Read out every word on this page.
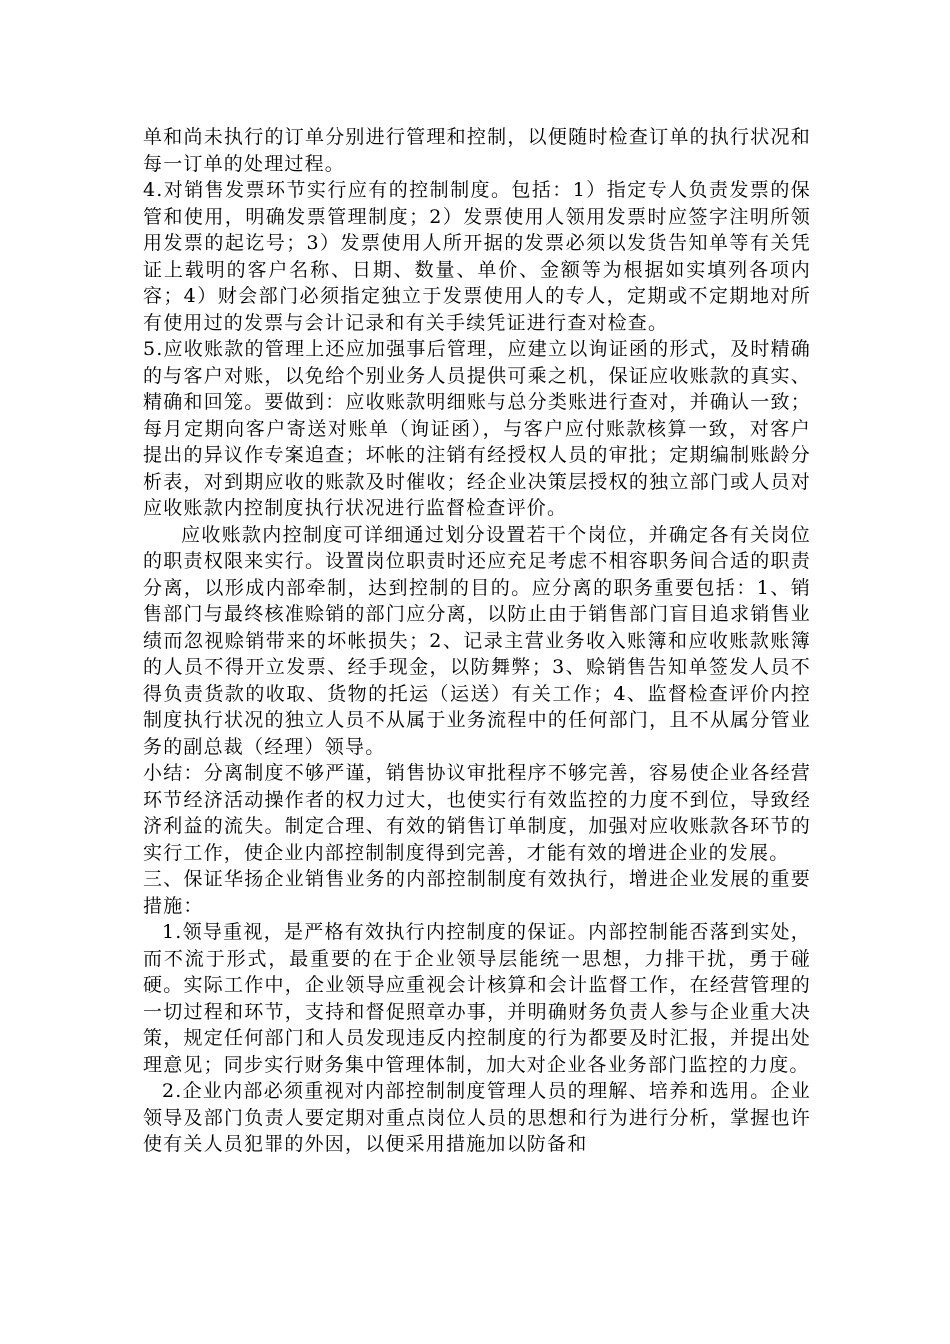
单和尚未执行的订单分别进行管理和控制，以便随时检查订单的执行状况和每一订单的处理过程。

4.对销售发票环节实行应有的控制制度。包括：1）指定专人负责发票的保管和使用，明确发票管理制度；2）发票使用人领用发票时应签字注明所领用发票的起讫号；3）发票使用人所开据的发票必须以发货告知单等有关凭证上载明的客户名称、日期、数量、单价、金额等为根据如实填列各项内容；4）财会部门必须指定独立于发票使用人的专人，定期或不定期地对所有使用过的发票与会计记录和有关手续凭证进行查对检查。

5.应收账款的管理上还应加强事后管理，应建立以询证函的形式，及时精确的与客户对账，以免给个别业务人员提供可乘之机，保证应收账款的真实、精确和回笼。要做到：应收账款明细账与总分类账进行查对，并确认一致；每月定期向客户寄送对账单（询证函），与客户应付账款核算一致，对客户提出的异议作专案追查；坏帐的注销有经授权人员的审批；定期编制账龄分析表，对到期应收的账款及时催收；经企业决策层授权的独立部门或人员对应收账款内控制度执行状况进行监督检查评价。

应收账款内控制度可详细通过划分设置若干个岗位，并确定各有关岗位的职责权限来实行。设置岗位职责时还应充足考虑不相容职务间合适的职责分离，以形成内部牵制，达到控制的目的。应分离的职务重要包括：1、销售部门与最终核准赊销的部门应分离，以防止由于销售部门盲目追求销售业绩而忽视赊销带来的坏帐损失；2、记录主营业务收入账簿和应收账款账簿的人员不得开立发票、经手现金，以防舞弊；3、赊销售告知单签发人员不得负责货款的收取、货物的托运（运送）有关工作；4、监督检查评价内控制度执行状况的独立人员不从属于业务流程中的任何部门，且不从属分管业务的副总裁（经理）领导。

小结：分离制度不够严谨，销售协议审批程序不够完善，容易使企业各经营环节经济活动操作者的权力过大，也使实行有效监控的力度不到位，导致经济利益的流失。制定合理、有效的销售订单制度，加强对应收账款各环节的实行工作，使企业内部控制制度得到完善，才能有效的增进企业的发展。

三、保证华扬企业销售业务的内部控制制度有效执行，增进企业发展的重要措施：

1.领导重视，是严格有效执行内控制度的保证。内部控制能否落到实处，而不流于形式，最重要的在于企业领导层能统一思想，力排干扰，勇于碰硬。实际工作中，企业领导应重视会计核算和会计监督工作，在经营管理的一切过程和环节，支持和督促照章办事，并明确财务负责人参与企业重大决策，规定任何部门和人员发现违反内控制度的行为都要及时汇报，并提出处理意见；同步实行财务集中管理体制，加大对企业各业务部门监控的力度。

2.企业内部必须重视对内部控制制度管理人员的理解、培养和选用。企业领导及部门负责人要定期对重点岗位人员的思想和行为进行分析，掌握也许使有关人员犯罪的外因，以便采用措施加以防备和
